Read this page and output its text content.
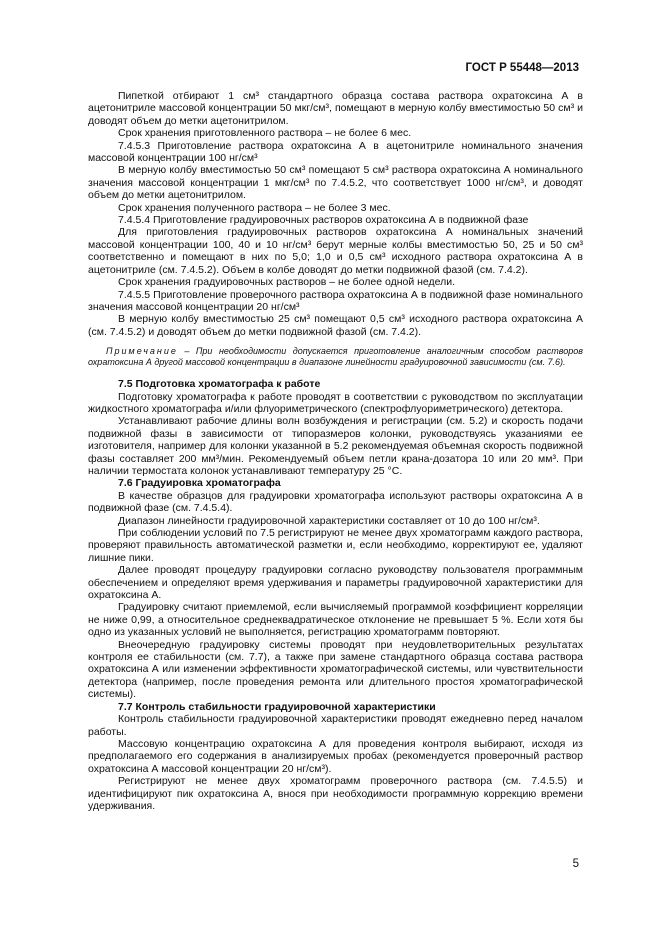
ГОСТ Р 55448—2013

Пипеткой отбирают 1 см³ стандартного образца состава раствора охратоксина А в ацетонитриле массовой концентрации 50 мкг/см³, помещают в мерную колбу вместимостью 50 см³ и доводят объем до метки ацетонитрилом.

Срок хранения приготовленного раствора – не более 6 мес.

7.4.5.3 Приготовление раствора охратоксина А в ацетонитриле номинального значения массовой концентрации 100 нг/см³

В мерную колбу вместимостью 50 см³ помещают 5 см³ раствора охратоксина А номинального значения массовой концентрации 1 мкг/см³ по 7.4.5.2, что соответствует 1000 нг/см³, и доводят объем до метки ацетонитрилом.

Срок хранения полученного раствора – не более 3 мес.

7.4.5.4 Приготовление градуировочных растворов охратоксина А в подвижной фазе

Для приготовления градуировочных растворов охратоксина А номинальных значений массовой концентрации 100, 40 и 10 нг/см³ берут мерные колбы вместимостью 50, 25 и 50 см³ соответственно и помещают в них по 5,0; 1,0 и 0,5 см³ исходного раствора охратоксина А в ацетонитриле (см. 7.4.5.2). Объем в колбе доводят до метки подвижной фазой (см. 7.4.2).

Срок хранения градуировочных растворов – не более одной недели.

7.4.5.5 Приготовление проверочного раствора охратоксина А в подвижной фазе номинального значения массовой концентрации 20 нг/см³

В мерную колбу вместимостью 25 см³ помещают 0,5 см³ исходного раствора охратоксина А (см. 7.4.5.2) и доводят объем до метки подвижной фазой (см. 7.4.2).

Примечание – При необходимости допускается приготовление аналогичным способом растворов охратоксина А другой массовой концентрации в диапазоне линейности градуировочной зависимости (см. 7.6).

7.5 Подготовка хроматографа к работе

Подготовку хроматографа к работе проводят в соответствии с руководством по эксплуатации жидкостного хроматографа и/или флуориметрического (спектрофлуориметрического) детектора.

Устанавливают рабочие длины волн возбуждения и регистрации (см. 5.2) и скорость подачи подвижной фазы в зависимости от типоразмеров колонки, руководствуясь указаниями ее изготовителя, например для колонки указанной в 5.2 рекомендуемая объемная скорость подвижной фазы составляет 200 мм³/мин. Рекомендуемый объем петли крана-дозатора 10 или 20 мм³. При наличии термостата колонок устанавливают температуру 25 °С.

7.6 Градуировка хроматографа

В качестве образцов для градуировки хроматографа используют растворы охратоксина А в подвижной фазе (см. 7.4.5.4).

Диапазон линейности градуировочной характеристики составляет от 10 до 100 нг/см³.

При соблюдении условий по 7.5 регистрируют не менее двух хроматограмм каждого раствора, проверяют правильность автоматической разметки и, если необходимо, корректируют ее, удаляют лишние пики.

Далее проводят процедуру градуировки согласно руководству пользователя программным обеспечением и определяют время удерживания и параметры градуировочной характеристики для охратоксина А.

Градуировку считают приемлемой, если вычисляемый программой коэффициент корреляции не ниже 0,99, а относительное среднеквадратическое отклонение не превышает 5 %. Если хотя бы одно из указанных условий не выполняется, регистрацию хроматограмм повторяют.

Внеочередную градуировку системы проводят при неудовлетворительных результатах контроля ее стабильности (см. 7.7), а также при замене стандартного образца состава раствора охратоксина А или изменении эффективности хроматографической системы, или чувствительности детектора (например, после проведения ремонта или длительного простоя хроматографической системы).

7.7 Контроль стабильности градуировочной характеристики

Контроль стабильности градуировочной характеристики проводят ежедневно перед началом работы.

Массовую концентрацию охратоксина А для проведения контроля выбирают, исходя из предполагаемого его содержания в анализируемых пробах (рекомендуется проверочный раствор охратоксина А массовой концентрации 20 нг/см³).

Регистрируют не менее двух хроматограмм проверочного раствора (см. 7.4.5.5) и идентифицируют пик охратоксина А, внося при необходимости программную коррекцию времени удерживания.

5
